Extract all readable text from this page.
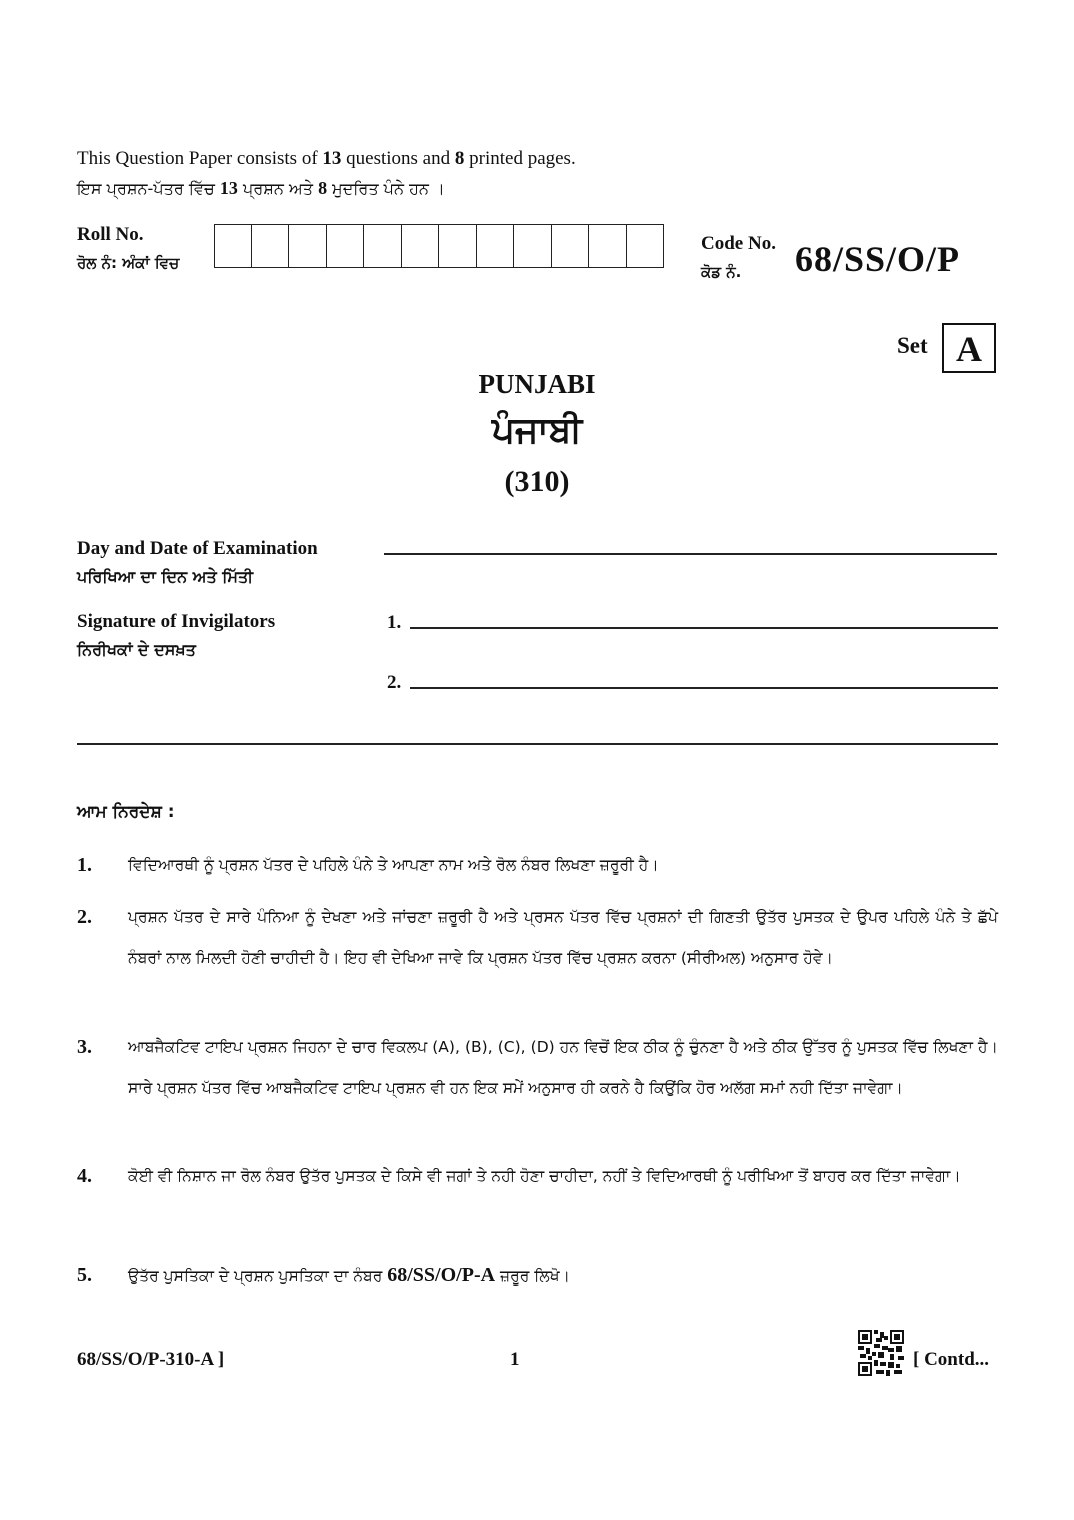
This Question Paper consists of 13 questions and 8 printed pages.
ਇਸ ਪ੍ਰਸ਼ਨ-ਪੱਤਰ ਵਿੱਚ 13 ਪ੍ਰਸ਼ਨ ਅਤੇ 8 ਮੁਦਰਿਤ ਪੰਨੇ ਹਨ ।
Roll No.
ਰੋਲ ਨੰ: ਅੰਕਾਂ ਵਿਚ
Code No.
ਕੋਡ ਨੰ. 68/SS/O/P
Set A
PUNJABI
ਪੰਜਾਬੀ
(310)
Day and Date of Examination
ਪਰਿਖਿਆ ਦਾ ਦਿਨ ਅਤੇ ਮਿੱਤੀ
Signature of Invigilators
ਨਿਰੀਖਕਾਂ ਦੇ ਦਸਖ਼ਤ
1.
2.
ਆਮ ਨਿਰਦੇਸ਼ :
1. ਵਿਦਿਆਰਥੀ ਨੂੰ ਪ੍ਰਸ਼ਨ ਪੱਤਰ ਦੇ ਪਹਿਲੇ ਪੰਨੇ ਤੇ ਆਪਣਾ ਨਾਮ ਅਤੇ ਰੋਲ ਨੰਬਰ ਲਿਖਣਾ ਜ਼ਰੂਰੀ ਹੈ।
2. ਪ੍ਰਸ਼ਨ ਪੱਤਰ ਦੇ ਸਾਰੇ ਪੰਨਿਆ ਨੂੰ ਦੇਖਣਾ ਅਤੇ ਜਾਂਚਣਾ ਜ਼ਰੂਰੀ ਹੈ ਅਤੇ ਪ੍ਰਸਨ ਪੱਤਰ ਵਿੱਚ ਪ੍ਰਸ਼ਨਾਂ ਦੀ ਗਿਣਤੀ ਉਤੱਰ ਪੁਸਤਕ ਦੇ ਉਪਰ ਪਹਿਲੇ ਪੰਨੇ ਤੇ ਛੱਪੇ ਨੰਬਰਾਂ ਨਾਲ ਮਿਲਦੀ ਹੋਣੀ ਚਾਹੀਦੀ ਹੈ। ਇਹ ਵੀ ਦੇਖਿਆ ਜਾਵੇ ਕਿ ਪ੍ਰਸ਼ਨ ਪੱਤਰ ਵਿੱਚ ਪ੍ਰਸ਼ਨ ਕਰਨਾ (ਸੀਰੀਅਲ) ਅਨੁਸਾਰ ਹੋਵੇ।
3. ਆਬਜੈਕਟਿਵ ਟਾਇਪ ਪ੍ਰਸ਼ਨ ਜਿਹਨਾ ਦੇ ਚਾਰ ਵਿਕਲਪ (A), (B), (C), (D) ਹਨ ਵਿਚੋਂ ਇਕ ਠੀਕ ਨੂੰ ਚੁੰਨਣਾ ਹੈ ਅਤੇ ਠੀਕ ਉੱਤਰ ਨੂੰ ਪੁਸਤਕ ਵਿੱਚ ਲਿਖਣਾ ਹੈ। ਸਾਰੇ ਪ੍ਰਸ਼ਨ ਪੱਤਰ ਵਿੱਚ ਆਬਜੈਕਟਿਵ ਟਾਇਪ ਪ੍ਰਸ਼ਨ ਵੀ ਹਨ ਇਕ ਸਮੇਂ ਅਨੁਸਾਰ ਹੀ ਕਰਨੇ ਹੈ ਕਿਉਂਕਿ ਹੋਰ ਅਲੱਗ ਸਮਾਂ ਨਹੀ ਦਿੱਤਾ ਜਾਵੇਗਾ।
4. ਕੋਈ ਵੀ ਨਿਸ਼ਾਨ ਜਾ ਰੋਲ ਨੰਬਰ ਉਤੱਰ ਪੁਸਤਕ ਦੇ ਕਿਸੇ ਵੀ ਜਗਾਂ ਤੇ ਨਹੀ ਹੋਣਾ ਚਾਹੀਦਾ, ਨਹੀਂ ਤੇ ਵਿਦਿਆਰਥੀ ਨੂੰ ਪਰੀਖਿਆ ਤੋਂ ਬਾਹਰ ਕਰ ਦਿੱਤਾ ਜਾਵੇਗਾ।
5. ਉਤੱਰ ਪੁਸਤਿਕਾ ਦੇ ਪ੍ਰਸ਼ਨ ਪੁਸਤਿਕਾ ਦਾ ਨੰਬਰ 68/SS/O/P-A ਜ਼ਰੂਰ ਲਿਖੋ।
68/SS/O/P-310-A ]	1	[ Contd...
